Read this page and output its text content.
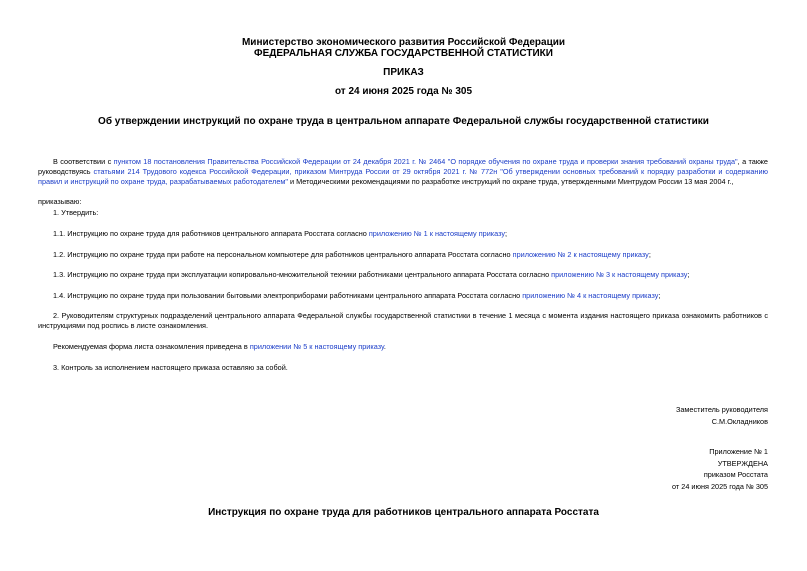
Министерство экономического развития Российской Федерации
ФЕДЕРАЛЬНАЯ СЛУЖБА ГОСУДАРСТВЕННОЙ СТАТИСТИКИ
ПРИКАЗ
от 24 июня 2025 года № 305
Об утверждении инструкций по охране труда в центральном аппарате Федеральной службы государственной статистики
В соответствии с пунктом 18 постановления Правительства Российской Федерации от 24 декабря 2021 г. № 2464 "О порядке обучения по охране труда и проверки знания требований охраны труда", а также руководствуясь статьями 214 Трудового кодекса Российской Федерации, приказом Минтруда России от 29 октября 2021 г. № 772н "Об утверждении основных требований к порядку разработки и содержанию правил и инструкций по охране труда, разрабатываемых работодателем" и Методическими рекомендациями по разработке инструкций по охране труда, утвержденными Минтрудом России 13 мая 2004 г.,
приказываю:
1. Утвердить:
1.1. Инструкцию по охране труда для работников центрального аппарата Росстата согласно приложению № 1 к настоящему приказу;
1.2. Инструкцию по охране труда при работе на персональном компьютере для работников центрального аппарата Росстата согласно приложению № 2 к настоящему приказу;
1.3. Инструкцию по охране труда при эксплуатации копировально-множительной техники работниками центрального аппарата Росстата согласно приложению № 3 к настоящему приказу;
1.4. Инструкцию по охране труда при пользовании бытовыми электроприборами работниками центрального аппарата Росстата согласно приложению № 4 к настоящему приказу;
2. Руководителям структурных подразделений центрального аппарата Федеральной службы государственной статистики в течение 1 месяца с момента издания настоящего приказа ознакомить работников с инструкциями под роспись в листе ознакомления.
Рекомендуемая форма листа ознакомления приведена в приложении № 5 к настоящему приказу.
3. Контроль за исполнением настоящего приказа оставляю за собой.
Заместитель руководителя
С.М.Окладников
Приложение № 1
УТВЕРЖДЕНА
приказом Росстата
от 24 июня 2025 года № 305
Инструкция по охране труда для работников центрального аппарата Росстата
